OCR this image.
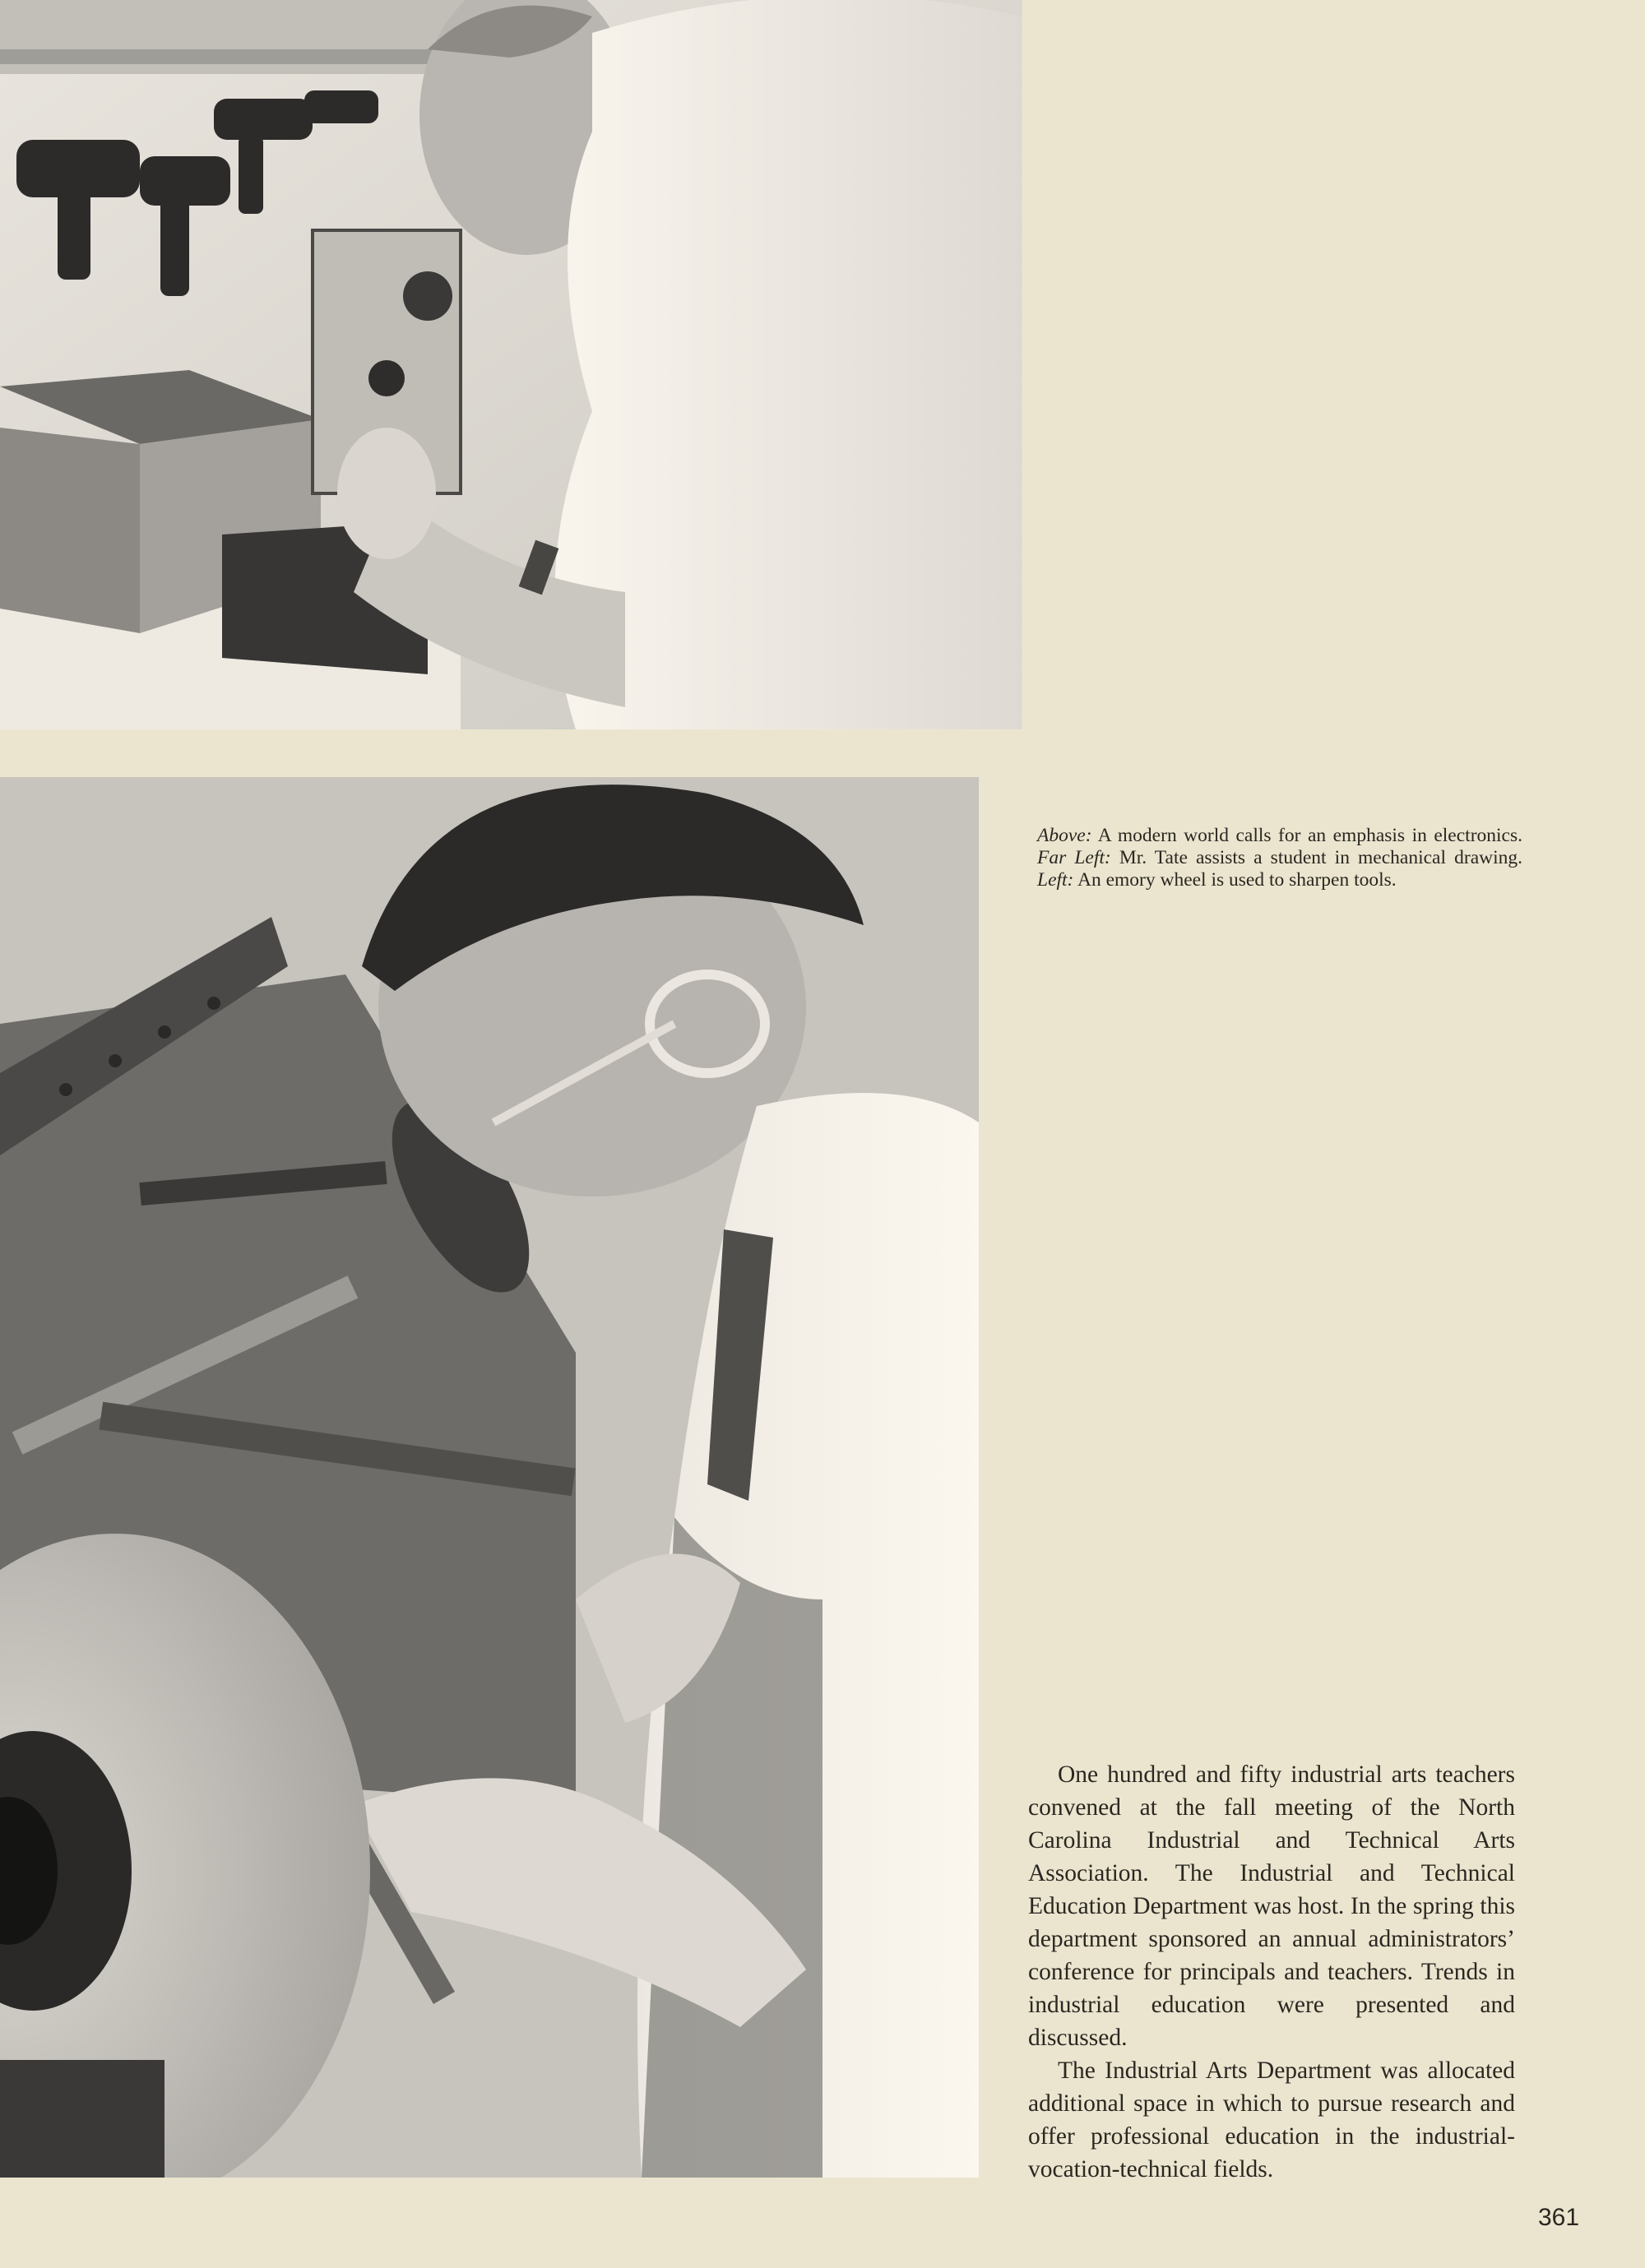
Above: A modern world calls for an emphasis in electronics. Far Left: Mr. Tate assists a student in mechanical drawing. Left: An emory wheel is used to sharpen tools.

One hundred and fifty industrial arts teachers convened at the fall meeting of the North Carolina Industrial and Technical Arts Association. The Industrial and Technical Education Department was host. In the spring this department sponsored an annual administrators’ conference for principals and teachers. Trends in industrial education were presented and discussed.

The Industrial Arts Department was allocated additional space in which to pursue research and offer professional education in the industrial-vocation-technical fields.

361
